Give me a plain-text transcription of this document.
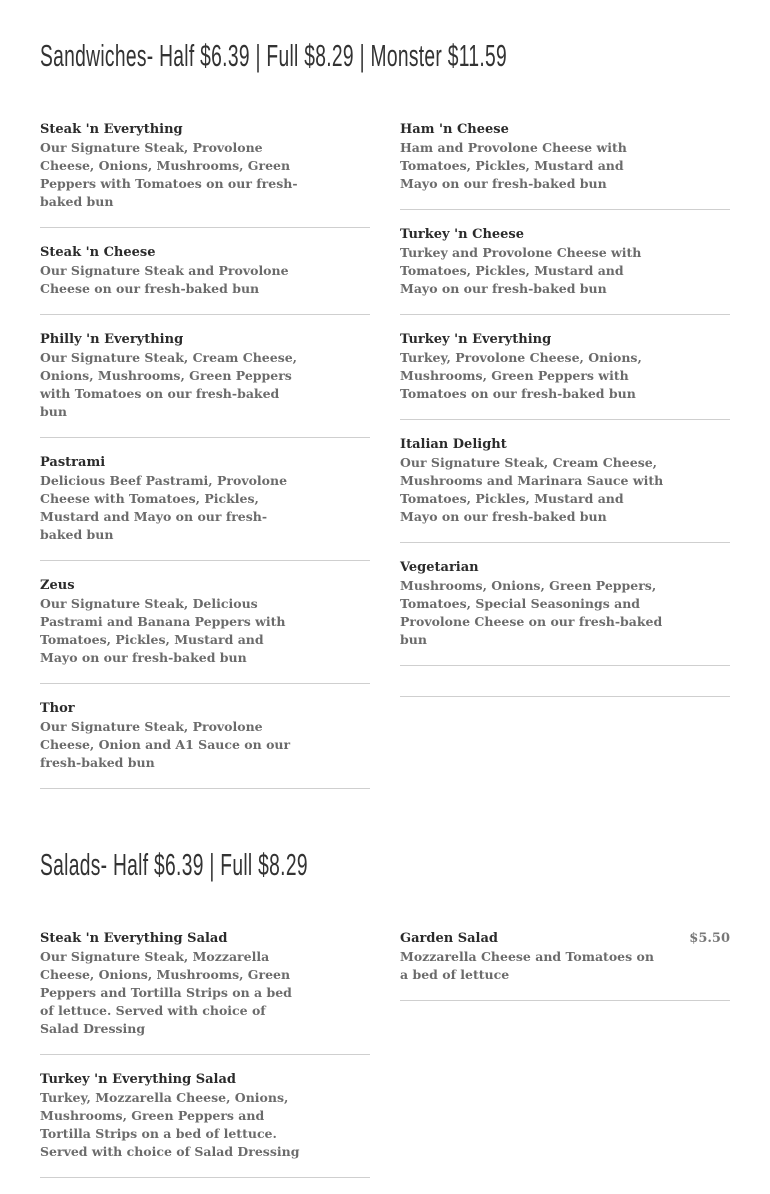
Sandwiches- Half $6.39 | Full $8.29 | Monster $11.59
Steak 'n Everything
Our Signature Steak, Provolone Cheese, Onions, Mushrooms, Green Peppers with Tomatoes on our fresh-baked bun
Steak 'n Cheese
Our Signature Steak and Provolone Cheese on our fresh-baked bun
Philly 'n Everything
Our Signature Steak, Cream Cheese, Onions, Mushrooms, Green Peppers with Tomatoes on our fresh-baked bun
Pastrami
Delicious Beef Pastrami, Provolone Cheese with Tomatoes, Pickles, Mustard and Mayo on our fresh-baked bun
Zeus
Our Signature Steak, Delicious Pastrami and Banana Peppers with Tomatoes, Pickles, Mustard and Mayo on our fresh-baked bun
Thor
Our Signature Steak, Provolone Cheese, Onion and A1 Sauce on our fresh-baked bun
Ham 'n Cheese
Ham and Provolone Cheese with Tomatoes, Pickles, Mustard and Mayo on our fresh-baked bun
Turkey 'n Cheese
Turkey and Provolone Cheese with Tomatoes, Pickles, Mustard and Mayo on our fresh-baked bun
Turkey 'n Everything
Turkey, Provolone Cheese, Onions, Mushrooms, Green Peppers with Tomatoes on our fresh-baked bun
Italian Delight
Our Signature Steak, Cream Cheese, Mushrooms and Marinara Sauce with Tomatoes, Pickles, Mustard and Mayo on our fresh-baked bun
Vegetarian
Mushrooms, Onions, Green Peppers, Tomatoes, Special Seasonings and Provolone Cheese on our fresh-baked bun
Salads- Half $6.39 | Full $8.29
Steak 'n Everything Salad
Our Signature Steak, Mozzarella Cheese, Onions, Mushrooms, Green Peppers and Tortilla Strips on a bed of lettuce. Served with choice of Salad Dressing
Turkey 'n Everything Salad
Turkey, Mozzarella Cheese, Onions, Mushrooms, Green Peppers and Tortilla Strips on a bed of lettuce. Served with choice of Salad Dressing
$5.50
Garden Salad
Mozzarella Cheese and Tomatoes on a bed of lettuce
